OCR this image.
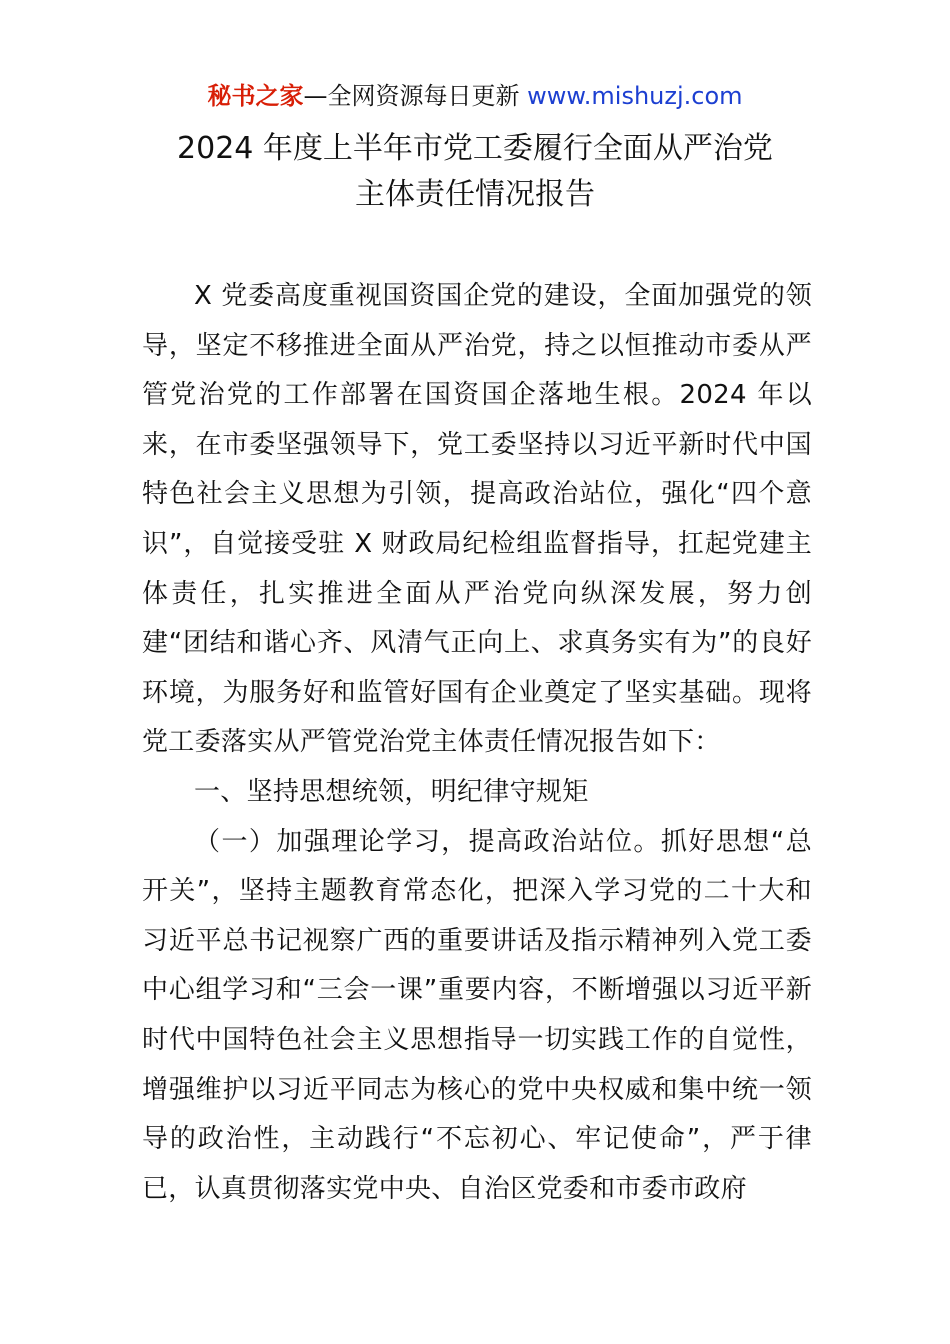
秘书之家—全网资源每日更新 www.mishuzj.com
2024 年度上半年市党工委履行全面从严治党
主体责任情况报告

X 党委高度重视国资国企党的建设，全面加强党的领导，坚定不移推进全面从严治党，持之以恒推动市委从严管党治党的工作部署在国资国企落地生根。2024 年以来，在市委坚强领导下，党工委坚持以习近平新时代中国特色社会主义思想为引领，提高政治站位，强化“四个意识”，自觉接受驻 X 财政局纪检组监督指导，扛起党建主体责任，扎实推进全面从严治党向纵深发展，努力创建“团结和谐心齐、风清气正向上、求真务实有为”的良好环境，为服务好和监管好国有企业奠定了坚实基础。现将党工委落实从严管党治党主体责任情况报告如下：

一、坚持思想统领，明纪律守规矩

（一）加强理论学习，提高政治站位。抓好思想“总开关”，坚持主题教育常态化，把深入学习党的二十大和习近平总书记视察广西的重要讲话及指示精神列入党工委中心组学习和“三会一课”重要内容，不断增强以习近平新时代中国特色社会主义思想指导一切实践工作的自觉性，增强维护以习近平同志为核心的党中央权威和集中统一领导的政治性，主动践行“不忘初心、牢记使命”，严于律已，认真贯彻落实党中央、自治区党委和市委市政府
